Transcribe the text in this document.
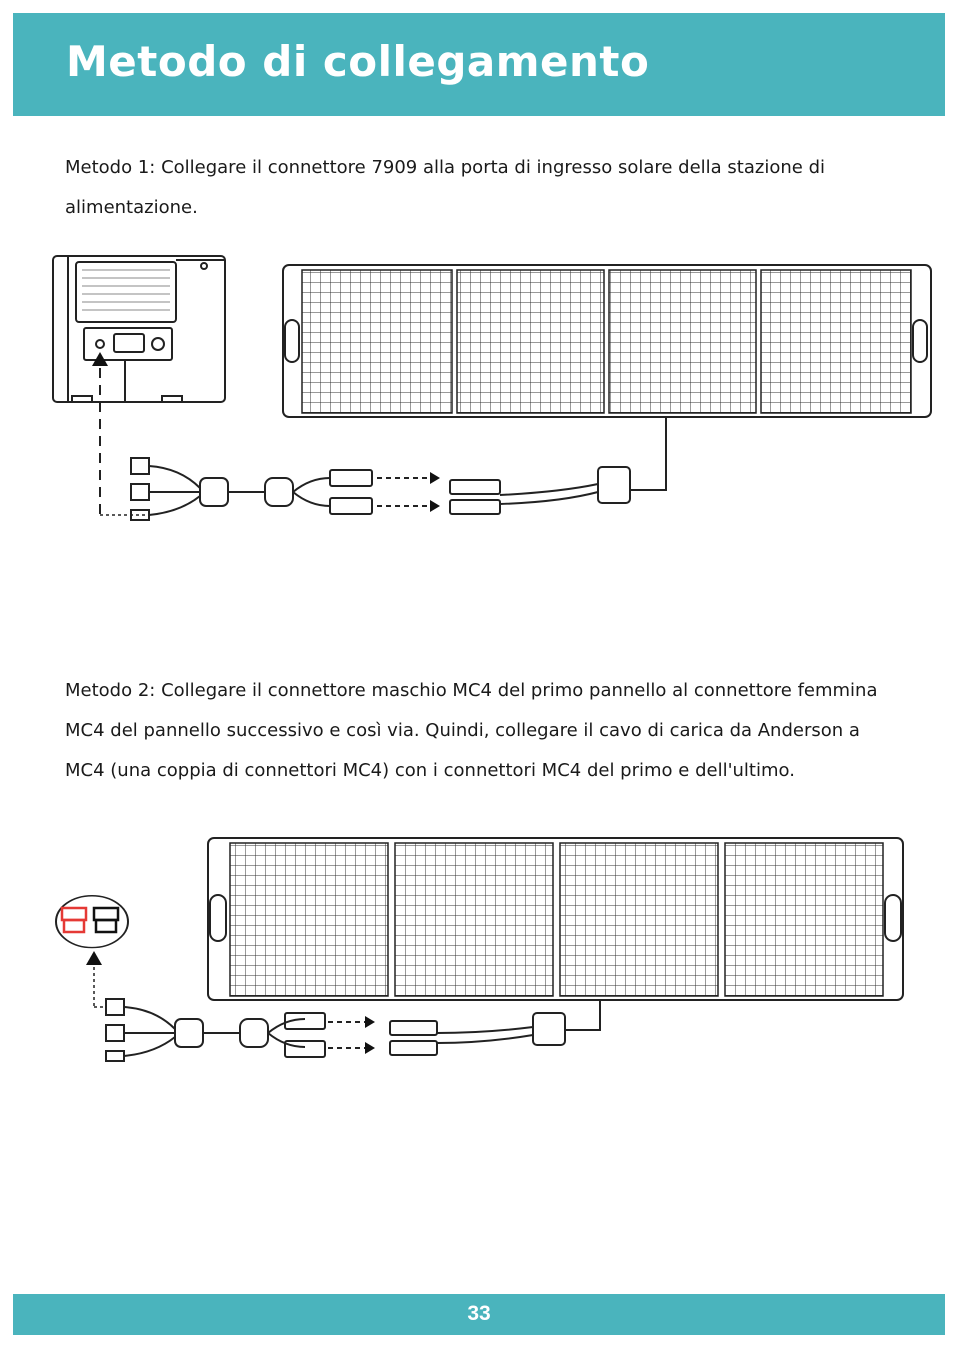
Metodo di collegamento

Metodo 1: Collegare il connettore 7909 alla porta di ingresso solare della stazione di alimentazione.

Metodo 2: Collegare il connettore maschio MC4 del primo pannello al connettore femmina MC4 del pannello successivo e così via. Quindi, collegare il cavo di carica da Anderson a MC4 (una coppia di connettori MC4) con i connettori MC4 del primo e dell'ultimo.

33
